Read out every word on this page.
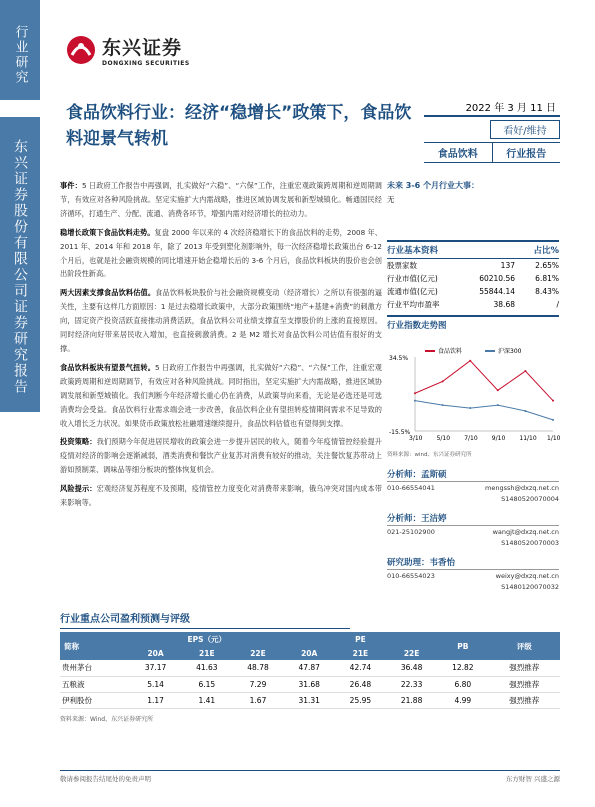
行业研究
东兴证券股份有限公司证券研究报告
东兴证券
DONGXING SECURITIES
食品饮料行业：经济“稳增长”政策下，食品饮料迎景气转机
2022 年 3 月 11 日
看好/维持
食品饮料	行业报告

事件：5 日政府工作报告中再强调，扎实做好“六稳”、“六保”工作，注重宏观政策跨周期和逆周期调节，有效应对各种风险挑战。坚定实施扩大内需战略，推进区域协调发展和新型城镇化。畅通国民经济循环，打通生产、分配、流通、消费各环节，增强内需对经济增长的拉动力。

稳增长政策下食品饮料走势。复盘 2000 年以来的 4 次经济稳增长下的食品饮料的走势，2008 年、2011 年、2014 年和 2018 年，除了 2013 年受到塑化剂影响外，每一次经济稳增长政策出台 6-12 个月后，也就是社会融资规模的同比增速开始企稳增长后的 3-6 个月后，食品饮料板块的股价也会创出阶段性新高。

两大因素支撑食品饮料估值。食品饮料板块股价与社会融资规模变动（经济增长）之所以有很强的逼关性，主要有这样几方面原因：1 是过去稳增长政策中，大部分政策围绕“地产+基建+消费”的刺激方向，固定资产投资活跃直接推动消费活跃，食品饮料公司业绩支撑直至支撑股价的上涨的直接原因。同时经济向好带来居民收入增加，也直接刺激消费。2 是 M2 增长对食品饮料公司估值有很好的支撑。

食品饮料板块有望景气扭转。5 日政府工作报告中再强调，扎实做好“六稳”、“六保”工作，注重宏观政策跨周期和逆周期调节，有效应对各种风险挑战。同时指出，坚定实施扩大内需战略，推进区域协调发展和新型城镇化。我们判断今年经济增长重心仍在消费，从政策导向来看，无论是必选还是可选消费均会受益。食品饮料行业需求端会进一步改善，食品饮料企业有望担转疫情期间需求不足导致的收入增长乏力状况。如果货币政策放松社融增速继续提升，食品饮料估值也有望得到支撑。

投资策略：我们预期今年促进居民增收的政策会进一步提升居民的收入，随着今年疫情管控经验提升疫情对经济的影响会逐渐减弱，酒类消费和餐饮产业复苏对消费有较好的推动，关注餐饮复苏带动上游如预制菜、调味品等细分板块的整体恢复机会。

风险提示：宏观经济复苏程度不及预期，疫情管控力度变化对消费带来影响，俄乌冲突对国内成本带来影响等。

未来 3-6 个月行业大事：
无
行业基本资料	占比%
股票家数	137	2.65%
行业市值(亿元)	60210.56	6.81%
流通市值(亿元)	55844.14	8.43%
行业平均市盈率	38.68	/
行业指数走势图
34.5%
-15.5%
3/10 5/10 7/10 9/10 11/10 1/10
食品饮料	沪深300
资料来源：wind、东兴证券研究所
分析师：孟斯硕
010-66554041	mengssh@dxzq.net.cn
S1480520070004
分析师：王洁婷
021-25102900	wangjt@dxzq.net.cn
S1480520070003
研究助理：韦香怡
010-66554023	weixy@dxzq.net.cn
S1480120070032
行业重点公司盈利预测与评级
简称	EPS（元）			PE			PB	评级
	20A	21E	22E	20A	21E	22E		
贵州茅台	37.17	41.63	48.78	47.87	42.74	36.48	12.82	强烈推荐
五粮液	5.14	6.15	7.29	31.68	26.48	22.33	6.80	强烈推荐
伊利股份	1.17	1.41	1.67	31.31	25.95	21.88	4.99	强烈推荐
资料来源：Wind，东兴证券研究所
敬请参阅报告结尾处的免责声明	东方财智 兴盛之源
